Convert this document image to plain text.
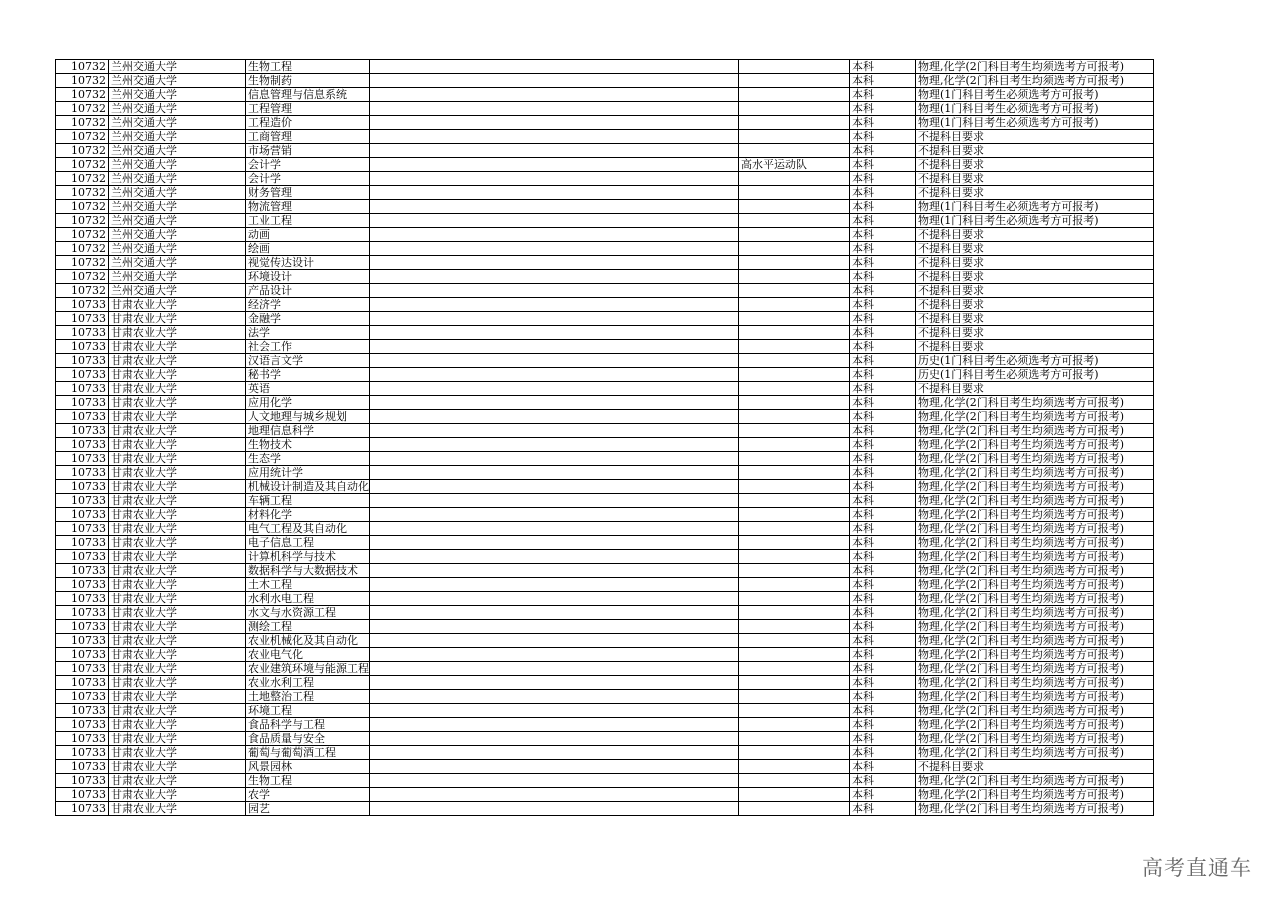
10732	兰州交通大学	生物工程			本科	物理,化学(2门科目考生均须选考方可报考)
10732	兰州交通大学	生物制药			本科	物理,化学(2门科目考生均须选考方可报考)
10732	兰州交通大学	信息管理与信息系统			本科	物理(1门科目考生必须选考方可报考)
10732	兰州交通大学	工程管理			本科	物理(1门科目考生必须选考方可报考)
10732	兰州交通大学	工程造价			本科	物理(1门科目考生必须选考方可报考)
10732	兰州交通大学	工商管理			本科	不提科目要求
10732	兰州交通大学	市场营销			本科	不提科目要求
10732	兰州交通大学	会计学		高水平运动队	本科	不提科目要求
10732	兰州交通大学	会计学			本科	不提科目要求
10732	兰州交通大学	财务管理			本科	不提科目要求
10732	兰州交通大学	物流管理			本科	物理(1门科目考生必须选考方可报考)
10732	兰州交通大学	工业工程			本科	物理(1门科目考生必须选考方可报考)
10732	兰州交通大学	动画			本科	不提科目要求
10732	兰州交通大学	绘画			本科	不提科目要求
10732	兰州交通大学	视觉传达设计			本科	不提科目要求
10732	兰州交通大学	环境设计			本科	不提科目要求
10732	兰州交通大学	产品设计			本科	不提科目要求
10733	甘肃农业大学	经济学			本科	不提科目要求
10733	甘肃农业大学	金融学			本科	不提科目要求
10733	甘肃农业大学	法学			本科	不提科目要求
10733	甘肃农业大学	社会工作			本科	不提科目要求
10733	甘肃农业大学	汉语言文学			本科	历史(1门科目考生必须选考方可报考)
10733	甘肃农业大学	秘书学			本科	历史(1门科目考生必须选考方可报考)
10733	甘肃农业大学	英语			本科	不提科目要求
10733	甘肃农业大学	应用化学			本科	物理,化学(2门科目考生均须选考方可报考)
10733	甘肃农业大学	人文地理与城乡规划			本科	物理,化学(2门科目考生均须选考方可报考)
10733	甘肃农业大学	地理信息科学			本科	物理,化学(2门科目考生均须选考方可报考)
10733	甘肃农业大学	生物技术			本科	物理,化学(2门科目考生均须选考方可报考)
10733	甘肃农业大学	生态学			本科	物理,化学(2门科目考生均须选考方可报考)
10733	甘肃农业大学	应用统计学			本科	物理,化学(2门科目考生均须选考方可报考)
10733	甘肃农业大学	机械设计制造及其自动化			本科	物理,化学(2门科目考生均须选考方可报考)
10733	甘肃农业大学	车辆工程			本科	物理,化学(2门科目考生均须选考方可报考)
10733	甘肃农业大学	材料化学			本科	物理,化学(2门科目考生均须选考方可报考)
10733	甘肃农业大学	电气工程及其自动化			本科	物理,化学(2门科目考生均须选考方可报考)
10733	甘肃农业大学	电子信息工程			本科	物理,化学(2门科目考生均须选考方可报考)
10733	甘肃农业大学	计算机科学与技术			本科	物理,化学(2门科目考生均须选考方可报考)
10733	甘肃农业大学	数据科学与大数据技术			本科	物理,化学(2门科目考生均须选考方可报考)
10733	甘肃农业大学	土木工程			本科	物理,化学(2门科目考生均须选考方可报考)
10733	甘肃农业大学	水利水电工程			本科	物理,化学(2门科目考生均须选考方可报考)
10733	甘肃农业大学	水文与水资源工程			本科	物理,化学(2门科目考生均须选考方可报考)
10733	甘肃农业大学	测绘工程			本科	物理,化学(2门科目考生均须选考方可报考)
10733	甘肃农业大学	农业机械化及其自动化			本科	物理,化学(2门科目考生均须选考方可报考)
10733	甘肃农业大学	农业电气化			本科	物理,化学(2门科目考生均须选考方可报考)
10733	甘肃农业大学	农业建筑环境与能源工程			本科	物理,化学(2门科目考生均须选考方可报考)
10733	甘肃农业大学	农业水利工程			本科	物理,化学(2门科目考生均须选考方可报考)
10733	甘肃农业大学	土地整治工程			本科	物理,化学(2门科目考生均须选考方可报考)
10733	甘肃农业大学	环境工程			本科	物理,化学(2门科目考生均须选考方可报考)
10733	甘肃农业大学	食品科学与工程			本科	物理,化学(2门科目考生均须选考方可报考)
10733	甘肃农业大学	食品质量与安全			本科	物理,化学(2门科目考生均须选考方可报考)
10733	甘肃农业大学	葡萄与葡萄酒工程			本科	物理,化学(2门科目考生均须选考方可报考)
10733	甘肃农业大学	风景园林			本科	不提科目要求
10733	甘肃农业大学	生物工程			本科	物理,化学(2门科目考生均须选考方可报考)
10733	甘肃农业大学	农学			本科	物理,化学(2门科目考生均须选考方可报考)
10733	甘肃农业大学	园艺			本科	物理,化学(2门科目考生均须选考方可报考)
高考直通车
